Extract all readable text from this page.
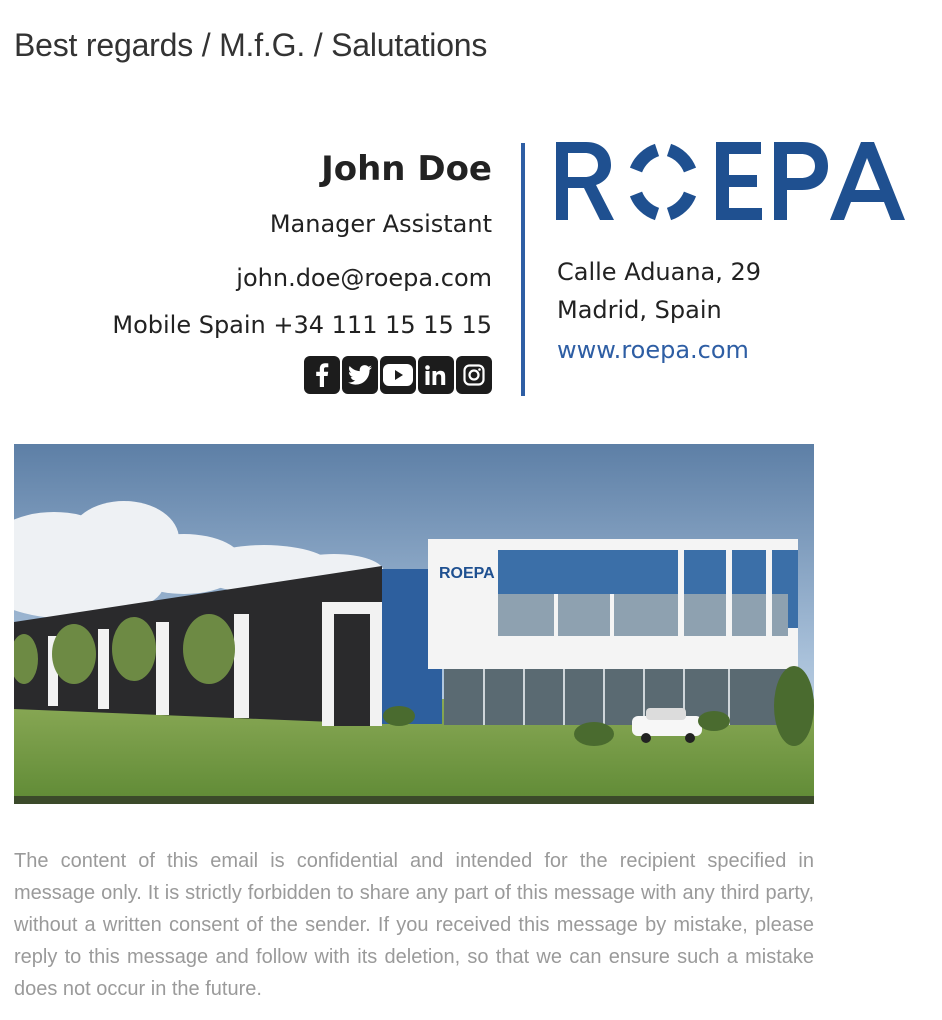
Best regards / M.f.G. / Salutations
John Doe
Manager Assistant
john.doe@roepa.com
Mobile Spain +34 111 15 15 15
Calle Aduana, 29
Madrid, Spain
www.roepa.com
ROEPA
The content of this email is confidential and intended for the recipient specified in message only. It is strictly forbidden to share any part of this message with any third party, without a written consent of the sender. If you received this message by mistake, please reply to this message and follow with its deletion, so that we can ensure such a mistake does not occur in the future.
